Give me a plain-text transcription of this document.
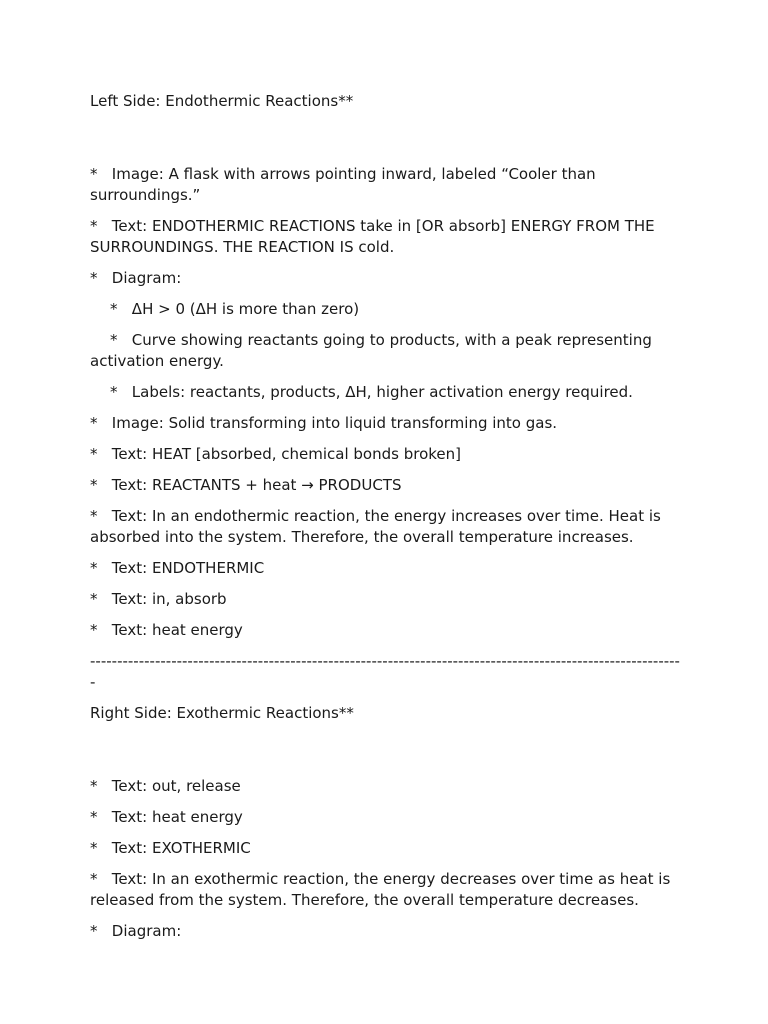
Left Side: Endothermic Reactions**

*   Image: A flask with arrows pointing inward, labeled “Cooler than surroundings.”

*   Text: ENDOTHERMIC REACTIONS take in [OR absorb] ENERGY FROM THE SURROUNDINGS. THE REACTION IS cold.

*   Diagram:

*   ΔH > 0 (ΔH is more than zero)

*   Curve showing reactants going to products, with a peak representing activation energy.

*   Labels: reactants, products, ΔH, higher activation energy required.

*   Image: Solid transforming into liquid transforming into gas.

*   Text: HEAT [absorbed, chemical bonds broken]

*   Text: REACTANTS + heat → PRODUCTS

*   Text: In an endothermic reaction, the energy increases over time. Heat is absorbed into the system. Therefore, the overall temperature increases.

*   Text: ENDOTHERMIC

*   Text: in, absorb

*   Text: heat energy

--------------------------------------------------------------------------------------------------------------

Right Side: Exothermic Reactions**

*   Text: out, release

*   Text: heat energy

*   Text: EXOTHERMIC

*   Text: In an exothermic reaction, the energy decreases over time as heat is released from the system. Therefore, the overall temperature decreases.

*   Diagram:
